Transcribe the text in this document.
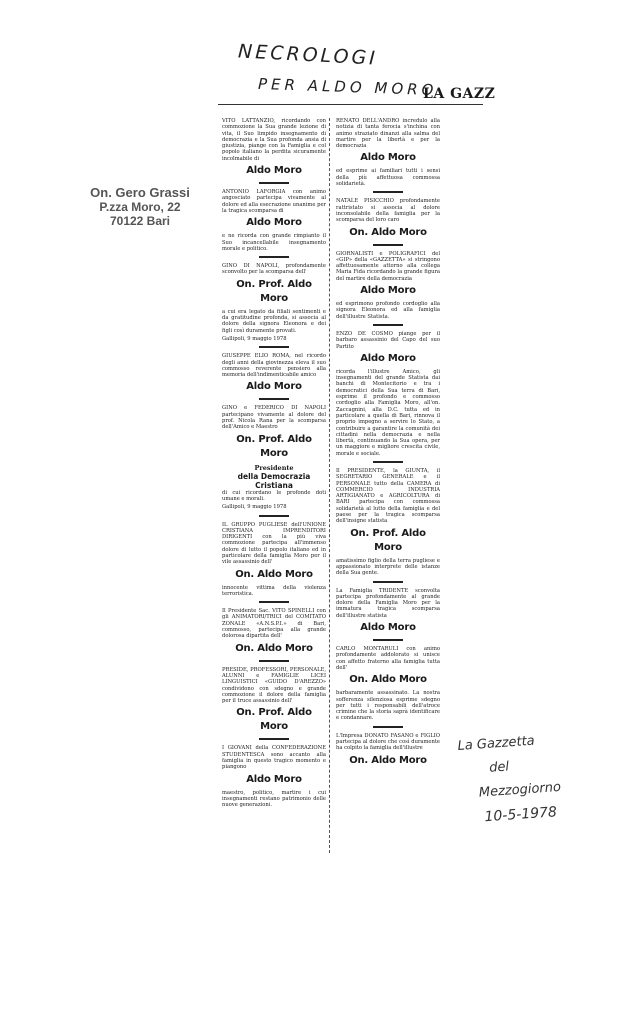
NECROLOGI
PER ALDO MORO
LA GAZZ
On. Gero Grassi
P.zza Moro, 22
70122 Bari

VITO LATTANZIO, ricordando con commozione la Sua grande lezione di vita, il Suo limpido insegnamento di democrazia e la Sua profonda ansia di giustizia, piange con la Famiglia e col popolo italiano la perdita sicuramente incolmabile di

Aldo Moro

ANTONIO LAFORGIA con animo angosciato partecipa vivamente al dolore ed alla esecrazione unanime per la tragica scomparsa di

Aldo Moro

e ne ricorda con grande rimpianto il Suo incancellabile insegnamento morale e politico.

GINO DI NAPOLI, profondamente sconvolto per la scomparsa dell'

On. Prof. Aldo Moro

a cui era legato da filiali sentimenti e da gratitudine profonda, si associa al dolore della signora Eleonora e dei figli così duramente provati.

Gallipoli, 9 maggio 1978

GIUSEPPE ELIO ROMA, nel ricordo degli anni della giovinezza eleva il suo commosso reverente pensiero alla memoria dell'indimenticabile amico

Aldo Moro

GINO e FEDERICO DI NAPOLI partecipano vivamente al dolore del prof. Nicola Rana per la scomparsa dell'Amico e Maestro

On. Prof. Aldo Moro
Presidente
della Democrazia Cristiana

di cui ricordano le profonde doti umane e morali.

Gallipoli, 9 maggio 1978

IL GRUPPO PUGLIESE dell'UNIONE CRISTIANA IMPRENDITORI DIRIGENTI con la più viva commozione partecipa all'immenso dolore di lutto il popolo italiano ed in particolare della famiglia Moro per il vile assassinio dell'

On. Aldo Moro

innocente vittima della violenza terroristica.

Il Presidente Sac. VITO SPINELLI con gli ANIMATORI/TRICI del COMITATO ZONALE «A.N.S.P.I.» di Bari, commosso, partecipa alla grande dolorosa dipartita dell'

On. Aldo Moro

PRESIDE, PROFESSORI, PERSONALE, ALUNNI e FAMIGLIE LICEI LINGUISTICI «GUIDO D'AREZZO» condividono con sdegno e grande commozione il dolore della famiglia per il truce assassinio dell'

On. Prof. Aldo Moro

I GIOVANI della CONFEDERAZIONE STUDENTESCA sono accanto alla famiglia in questo tragico momento e piangono

Aldo Moro

maestro, politico, martire i cui insegnamenti restano patrimonio delle nuove generazioni.

RENATO DELL'ANDRO incredulo alla notizia di tanta ferocia s'inchina con animo straziato dinanzi alla salma del martire per la libertà e per la democrazia

Aldo Moro

ed esprime ai familiari tutti i sensi della più affettuosa commossa solidarietà.

NATALE PISICCHIO profondamente rattristato si associa al dolore inconsolabile della famiglia per la scomparsa del loro caro

On. Aldo Moro

GIORNALISTI e POLIGRAFICI del «GIP» della «GAZZETTA» si stringono affettuosamente attorno alla collega Maria Fida ricordando la grande figura del martire della democrazia

Aldo Moro

ed esprimono profondo cordoglio alla signora Eleonora ed alla famiglia dell'illustre Statista.

ENZO DE COSMO piange per il barbaro assassinio del Capo del suo Partito

Aldo Moro

ricorda l'illustre Amico, gli insegnamenti del grande Statista dai banchi di Montecitorio e tra i democratici della Sua terra di Bari, esprime il profondo e commosso cordoglio alla Famiglia Moro, all'on. Zaccagnini, alla D.C. tutta ed in particolare a quella di Bari, rinnova il proprio impegno a servire lo Stato, a contribuire a garantire la comunità dei cittadini nella democrazia e nella libertà, continuando la Sua opera, per un maggiore e migliore crescita civile, morale e sociale.

Il PRESIDENTE, la GIUNTA, il SEGRETARIO GENERALE e il PERSONALE tutto della CAMERA di COMMERCIO INDUSTRIA ARTIGIANATO e AGRICOLTURA di BARI partecipa con commossa solidarietà al lutto della famiglia e del paese per la tragica scomparsa dell'insigne statista

On. Prof. Aldo Moro

amatissimo figlio della terra pugliese e appassionato interprete delle istanze della Sua gente.

La Famiglia TRIDENTE sconvolta partecipa profondamente al grande dolore della Famiglia Moro per la immatura tragica scomparsa dell'illustre statista

Aldo Moro

CARLO MONTARULI con animo profondamente addolorato si unisce con affetto fraterno alla famiglia tutta dell'

On. Aldo Moro

barbaramente assassinato. La nostra sofferenza silenziosa esprime sdegno per tutti i responsabili dell'atroce crimine che la storia saprà identificare e condannare.

L'Impresa DONATO FASANO e FIGLIO partecipa al dolore che così duramente ha colpito la famiglia dell'illustre

On. Aldo Moro
La Gazzetta
del
Mezzogiorno
10-5-1978
